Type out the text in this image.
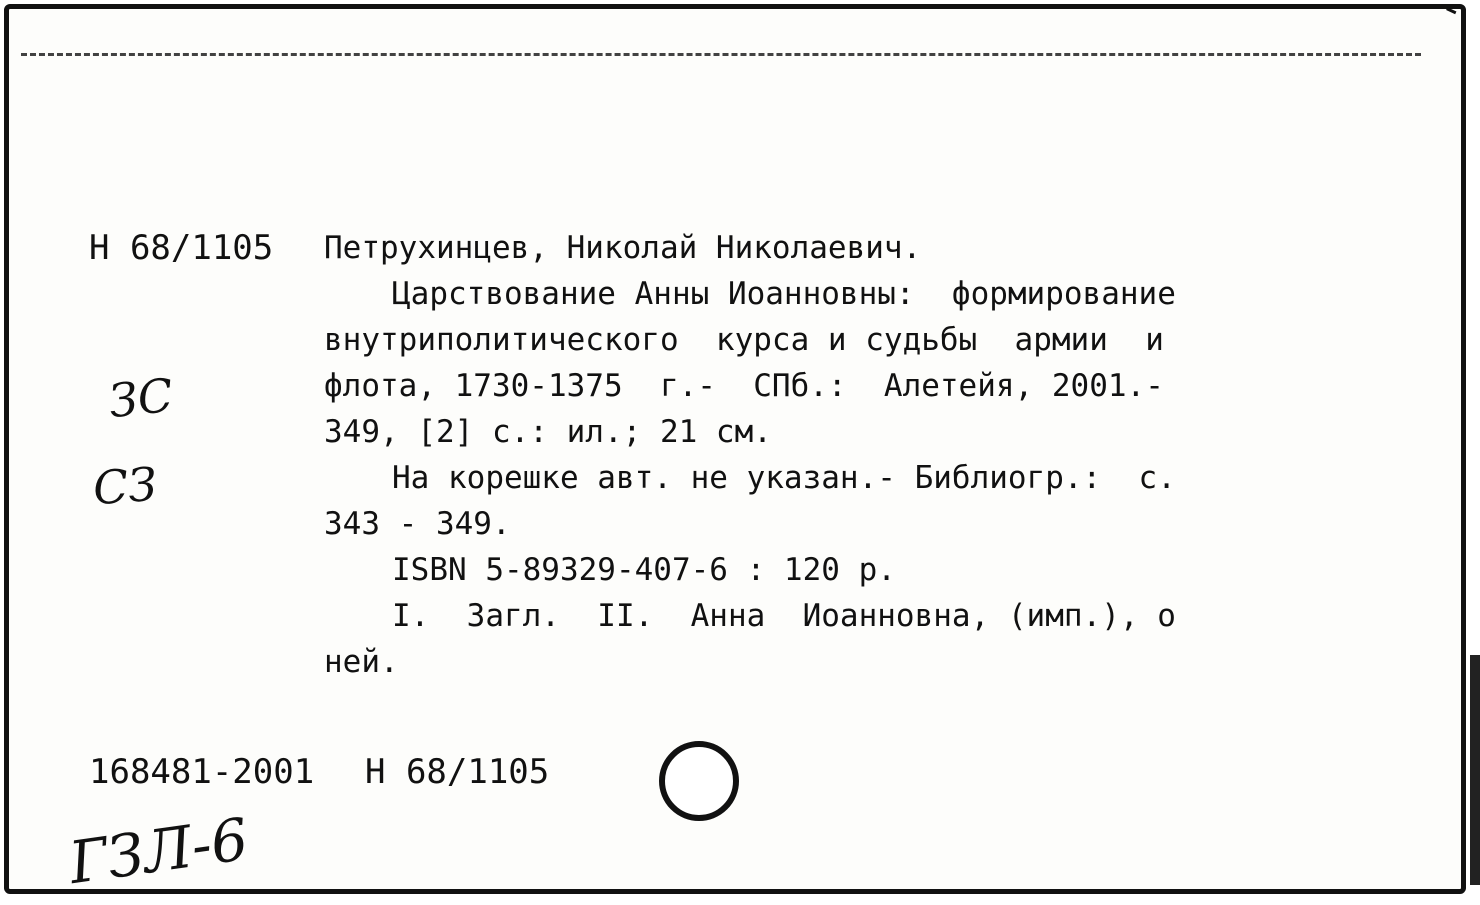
Н 68/1105 Петрухинцев, Николай Николаевич.
Царствование Анны Иоанновны:  формирование
внутриполитического  курса и судьбы  армии  и
флота, 1730-1375  г.-  СПб.:  Алетейя, 2001.-
349, [2] с.: ил.; 21 см.
На корешке авт. не указан.- Библиогр.:  с.
343 - 349.
ISBN 5-89329-407-6 : 120 р.
I.  Загл.  II.  Анна  Иоанновна, (имп.), о
ней.
ЗС
СЗ
168481-2001 Н 68/1105
ГЗЛ-6
